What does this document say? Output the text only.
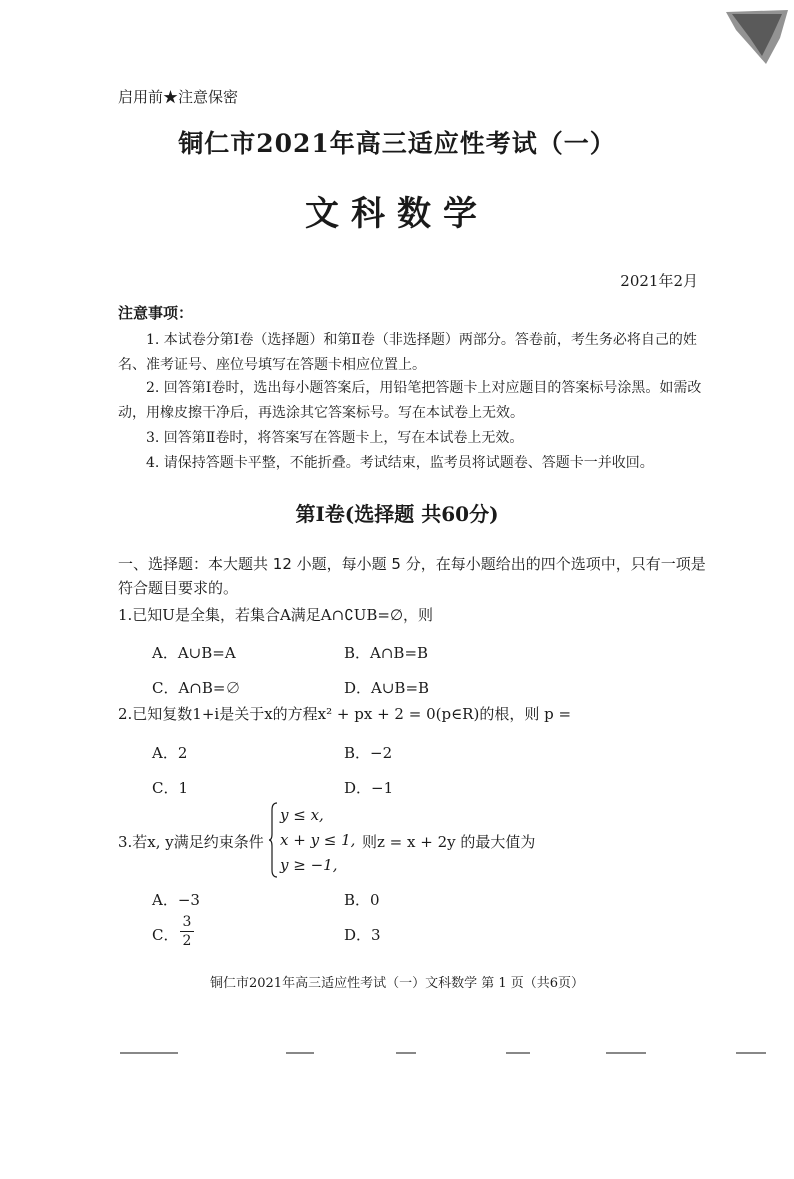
启用前★注意保密
铜仁市2021年高三适应性考试（一）
文科数学
2021年2月
注意事项：
1. 本试卷分第Ⅰ卷（选择题）和第Ⅱ卷（非选择题）两部分。答卷前，考生务必将自己的姓名、准考证号、座位号填写在答题卡相应位置上。
2. 回答第Ⅰ卷时，选出每小题答案后，用铅笔把答题卡上对应题目的答案标号涂黑。如需改动，用橡皮擦干净后，再选涂其它答案标号。写在本试卷上无效。
3. 回答第Ⅱ卷时，将答案写在答题卡上，写在本试卷上无效。
4. 请保持答题卡平整，不能折叠。考试结束，监考员将试题卷、答题卡一并收回。
第Ⅰ卷(选择题 共60分)
一、选择题：本大题共 12 小题，每小题 5 分，在每小题给出的四个选项中，只有一项是符合题目要求的。
1.已知U是全集，若集合A满足A∩∁UB=∅，则
A．A∪B=A	B．A∩B=B
C．A∩B=∅	D．A∪B=B
2.已知复数1+i是关于x的方程x² + px + 2 = 0(p∈R)的根，则 p =
A．2	B．−2
C．1	D．−1
3.若x, y满足约束条件
y ≤ x,
x + y ≤ 1,
y ≥ −1,
则z = x + 2y 的最大值为
A．−3	B．0
C．
3
2	D．3
铜仁市2021年高三适应性考试（一）文科数学 第 1 页（共6页）
